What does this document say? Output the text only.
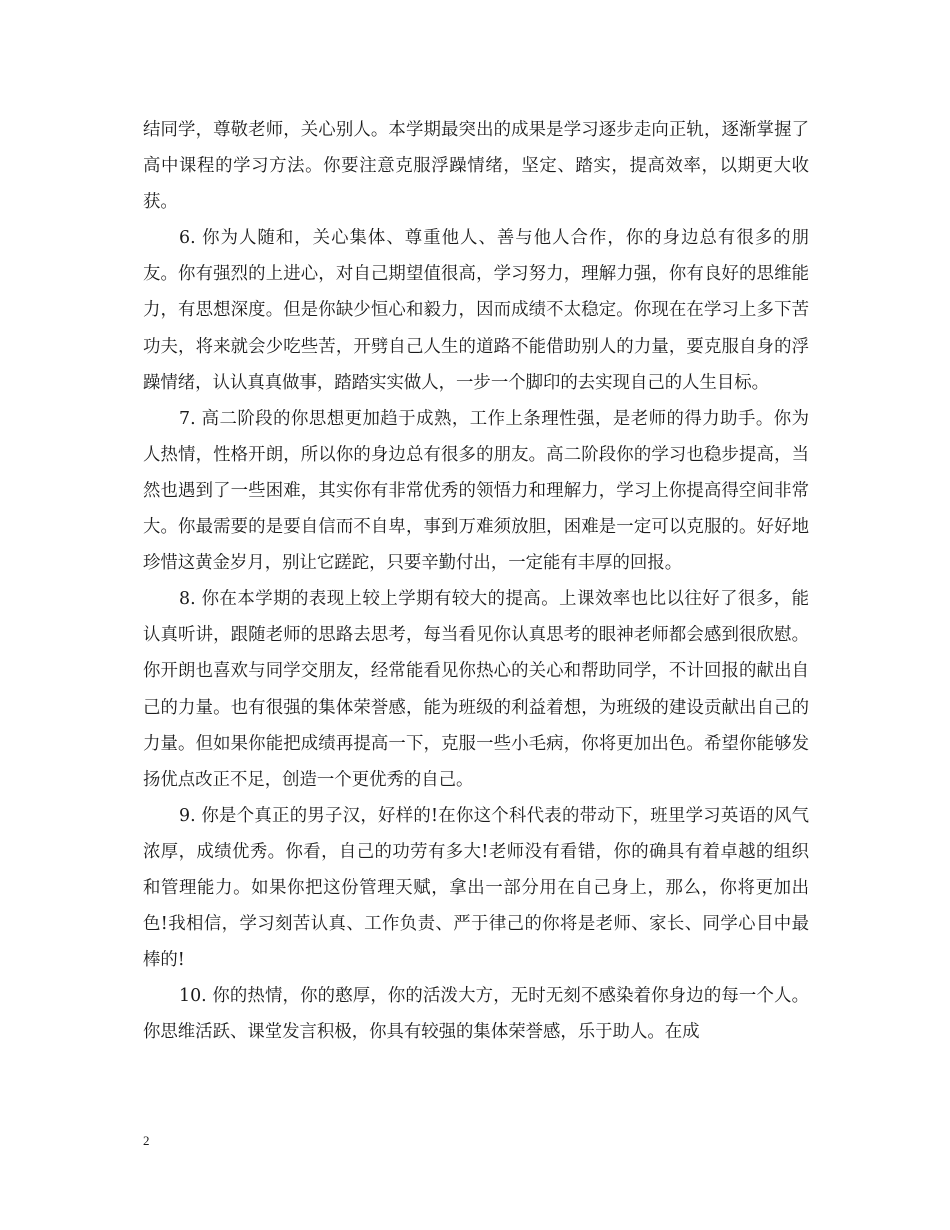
结同学，尊敬老师，关心别人。本学期最突出的成果是学习逐步走向正轨，逐渐掌握了高中课程的学习方法。你要注意克服浮躁情绪，坚定、踏实，提高效率，以期更大收获。

6. 你为人随和，关心集体、尊重他人、善与他人合作，你的身边总有很多的朋友。你有强烈的上进心，对自己期望值很高，学习努力，理解力强，你有良好的思维能力，有思想深度。但是你缺少恒心和毅力，因而成绩不太稳定。你现在在学习上多下苦功夫，将来就会少吃些苦，开劈自己人生的道路不能借助别人的力量，要克服自身的浮躁情绪，认认真真做事，踏踏实实做人，一步一个脚印的去实现自己的人生目标。

7. 高二阶段的你思想更加趋于成熟，工作上条理性强，是老师的得力助手。你为人热情，性格开朗，所以你的身边总有很多的朋友。高二阶段你的学习也稳步提高，当然也遇到了一些困难，其实你有非常优秀的领悟力和理解力，学习上你提高得空间非常大。你最需要的是要自信而不自卑，事到万难须放胆，困难是一定可以克服的。好好地珍惜这黄金岁月，别让它蹉跎，只要辛勤付出，一定能有丰厚的回报。

8. 你在本学期的表现上较上学期有较大的提高。上课效率也比以往好了很多，能认真听讲，跟随老师的思路去思考，每当看见你认真思考的眼神老师都会感到很欣慰。你开朗也喜欢与同学交朋友，经常能看见你热心的关心和帮助同学，不计回报的献出自己的力量。也有很强的集体荣誉感，能为班级的利益着想，为班级的建设贡献出自己的力量。但如果你能把成绩再提高一下，克服一些小毛病，你将更加出色。希望你能够发扬优点改正不足，创造一个更优秀的自己。

9. 你是个真正的男子汉，好样的!在你这个科代表的带动下，班里学习英语的风气浓厚，成绩优秀。你看，自己的功劳有多大!老师没有看错，你的确具有着卓越的组织和管理能力。如果你把这份管理天赋，拿出一部分用在自己身上，那么，你将更加出色!我相信，学习刻苦认真、工作负责、严于律己的你将是老师、家长、同学心目中最棒的!

10. 你的热情，你的憨厚，你的活泼大方，无时无刻不感染着你身边的每一个人。你思维活跃、课堂发言积极，你具有较强的集体荣誉感，乐于助人。在成

2
